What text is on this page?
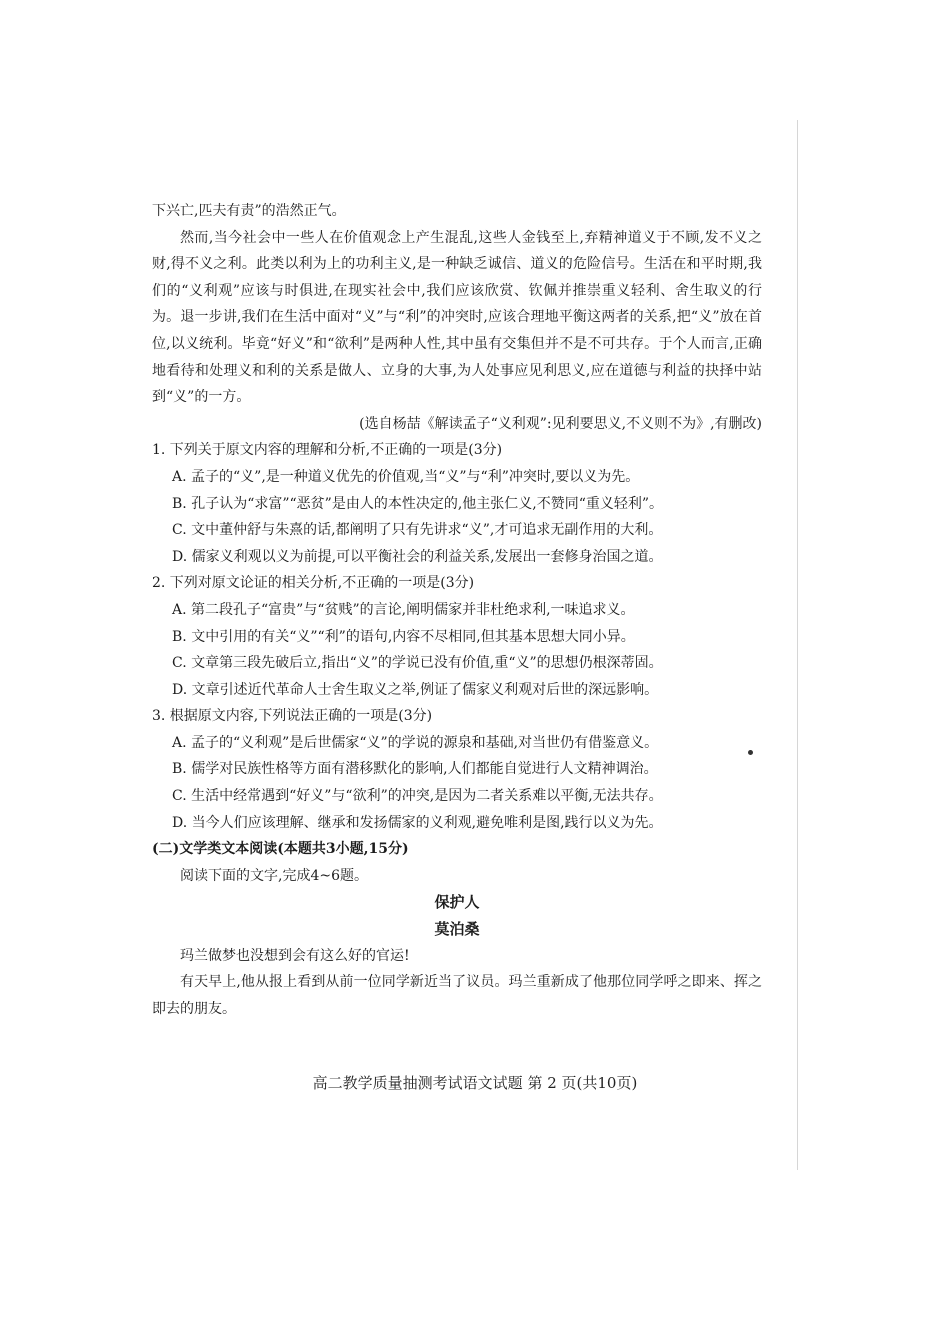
下兴亡,匹夫有责”的浩然正气。

然而,当今社会中一些人在价值观念上产生混乱,这些人金钱至上,弃精神道义于不顾,发不义之财,得不义之利。此类以利为上的功利主义,是一种缺乏诚信、道义的危险信号。生活在和平时期,我们的“义利观”应该与时俱进,在现实社会中,我们应该欣赏、钦佩并推崇重义轻利、舍生取义的行为。退一步讲,我们在生活中面对“义”与“利”的冲突时,应该合理地平衡这两者的关系,把“义”放在首位,以义统利。毕竟“好义”和“欲利”是两种人性,其中虽有交集但并不是不可共存。于个人而言,正确地看待和处理义和利的关系是做人、立身的大事,为人处事应见利思义,应在道德与利益的抉择中站到“义”的一方。

(选自杨喆《解读孟子“义利观”:见利要思义,不义则不为》,有删改)

1. 下列关于原文内容的理解和分析,不正确的一项是(3分)

A. 孟子的“义”,是一种道义优先的价值观,当“义”与“利”冲突时,要以义为先。

B. 孔子认为“求富”“恶贫”是由人的本性决定的,他主张仁义,不赞同“重义轻利”。

C. 文中董仲舒与朱熹的话,都阐明了只有先讲求“义”,才可追求无副作用的大利。

D. 儒家义利观以义为前提,可以平衡社会的利益关系,发展出一套修身治国之道。

2. 下列对原文论证的相关分析,不正确的一项是(3分)

A. 第二段孔子“富贵”与“贫贱”的言论,阐明儒家并非杜绝求利,一味追求义。

B. 文中引用的有关“义”“利”的语句,内容不尽相同,但其基本思想大同小异。

C. 文章第三段先破后立,指出“义”的学说已没有价值,重“义”的思想仍根深蒂固。

D. 文章引述近代革命人士舍生取义之举,例证了儒家义利观对后世的深远影响。

3. 根据原文内容,下列说法正确的一项是(3分)

A. 孟子的“义利观”是后世儒家“义”的学说的源泉和基础,对当世仍有借鉴意义。

B. 儒学对民族性格等方面有潜移默化的影响,人们都能自觉进行人文精神调治。

C. 生活中经常遇到“好义”与“欲利”的冲突,是因为二者关系难以平衡,无法共存。

D. 当今人们应该理解、继承和发扬儒家的义利观,避免唯利是图,践行以义为先。

(二)文学类文本阅读(本题共3小题,15分)

阅读下面的文字,完成4~6题。

保护人

莫泊桑

玛兰做梦也没想到会有这么好的官运!

有天早上,他从报上看到从前一位同学新近当了议员。玛兰重新成了他那位同学呼之即来、挥之即去的朋友。

高二教学质量抽测考试语文试题 第 2 页(共10页)
